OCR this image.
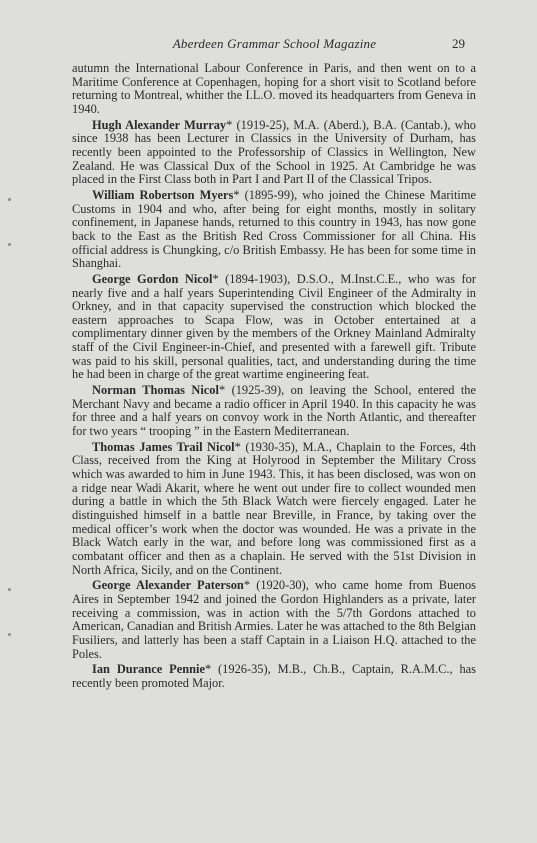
Aberdeen Grammar School Magazine	29

autumn the International Labour Conference in Paris, and then went on to a Maritime Conference at Copenhagen, hoping for a short visit to Scotland before returning to Montreal, whither the I.L.O. moved its headquarters from Geneva in 1940.

Hugh Alexander Murray* (1919-25), M.A. (Aberd.), B.A. (Cantab.), who since 1938 has been Lecturer in Classics in the University of Durham, has recently been appointed to the Professorship of Classics in Wellington, New Zealand. He was Classical Dux of the School in 1925. At Cambridge he was placed in the First Class both in Part I and Part II of the Classical Tripos.

William Robertson Myers* (1895-99), who joined the Chinese Maritime Customs in 1904 and who, after being for eight months, mostly in solitary confinement, in Japanese hands, returned to this country in 1943, has now gone back to the East as the British Red Cross Commissioner for all China. His official address is Chungking, c/o British Embassy. He has been for some time in Shanghai.

George Gordon Nicol* (1894-1903), D.S.O., M.Inst.C.E., who was for nearly five and a half years Superintending Civil Engineer of the Admiralty in Orkney, and in that capacity supervised the construction which blocked the eastern approaches to Scapa Flow, was in October entertained at a complimentary dinner given by the members of the Orkney Mainland Admiralty staff of the Civil Engineer-in-Chief, and presented with a farewell gift. Tribute was paid to his skill, personal qualities, tact, and understanding during the time he had been in charge of the great wartime engineering feat.

Norman Thomas Nicol* (1925-39), on leaving the School, entered the Merchant Navy and became a radio officer in April 1940. In this capacity he was for three and a half years on convoy work in the North Atlantic, and thereafter for two years “ trooping ” in the Eastern Mediterranean.

Thomas James Trail Nicol* (1930-35), M.A., Chaplain to the Forces, 4th Class, received from the King at Holyrood in September the Military Cross which was awarded to him in June 1943. This, it has been disclosed, was won on a ridge near Wadi Akarit, where he went out under fire to collect wounded men during a battle in which the 5th Black Watch were fiercely engaged. Later he distinguished himself in a battle near Breville, in France, by taking over the medical officer’s work when the doctor was wounded. He was a private in the Black Watch early in the war, and before long was commissioned first as a combatant officer and then as a chaplain. He served with the 51st Division in North Africa, Sicily, and on the Continent.

George Alexander Paterson* (1920-30), who came home from Buenos Aires in September 1942 and joined the Gordon Highlanders as a private, later receiving a commission, was in action with the 5/7th Gordons attached to American, Canadian and British Armies. Later he was attached to the 8th Belgian Fusiliers, and latterly has been a staff Captain in a Liaison H.Q. attached to the Poles.

Ian Durance Pennie* (1926-35), M.B., Ch.B., Captain, R.A.M.C., has recently been promoted Major.
